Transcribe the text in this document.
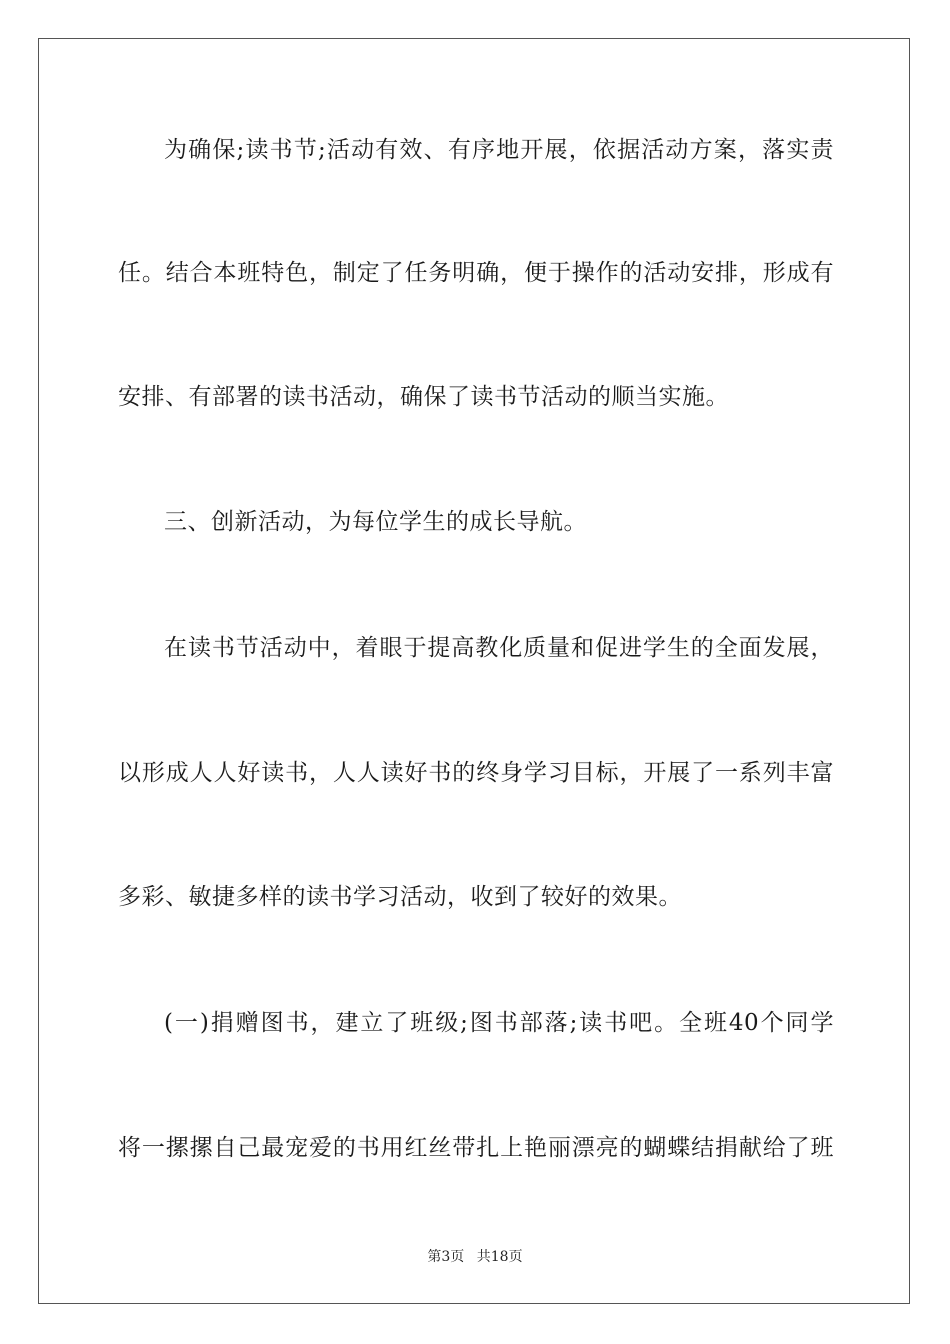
为确保;读书节;活动有效、有序地开展，依据活动方案，落实责
任。结合本班特色，制定了任务明确，便于操作的活动安排，形成有
安排、有部署的读书活动，确保了读书节活动的顺当实施。
三、创新活动，为每位学生的成长导航。
在读书节活动中，着眼于提高教化质量和促进学生的全面发展，
以形成人人好读书，人人读好书的终身学习目标，开展了一系列丰富
多彩、敏捷多样的读书学习活动，收到了较好的效果。
(一)捐赠图书，建立了班级;图书部落;读书吧。全班40个同学
将一摞摞自己最宠爱的书用红丝带扎上艳丽漂亮的蝴蝶结捐献给了班
第3页 共18页
